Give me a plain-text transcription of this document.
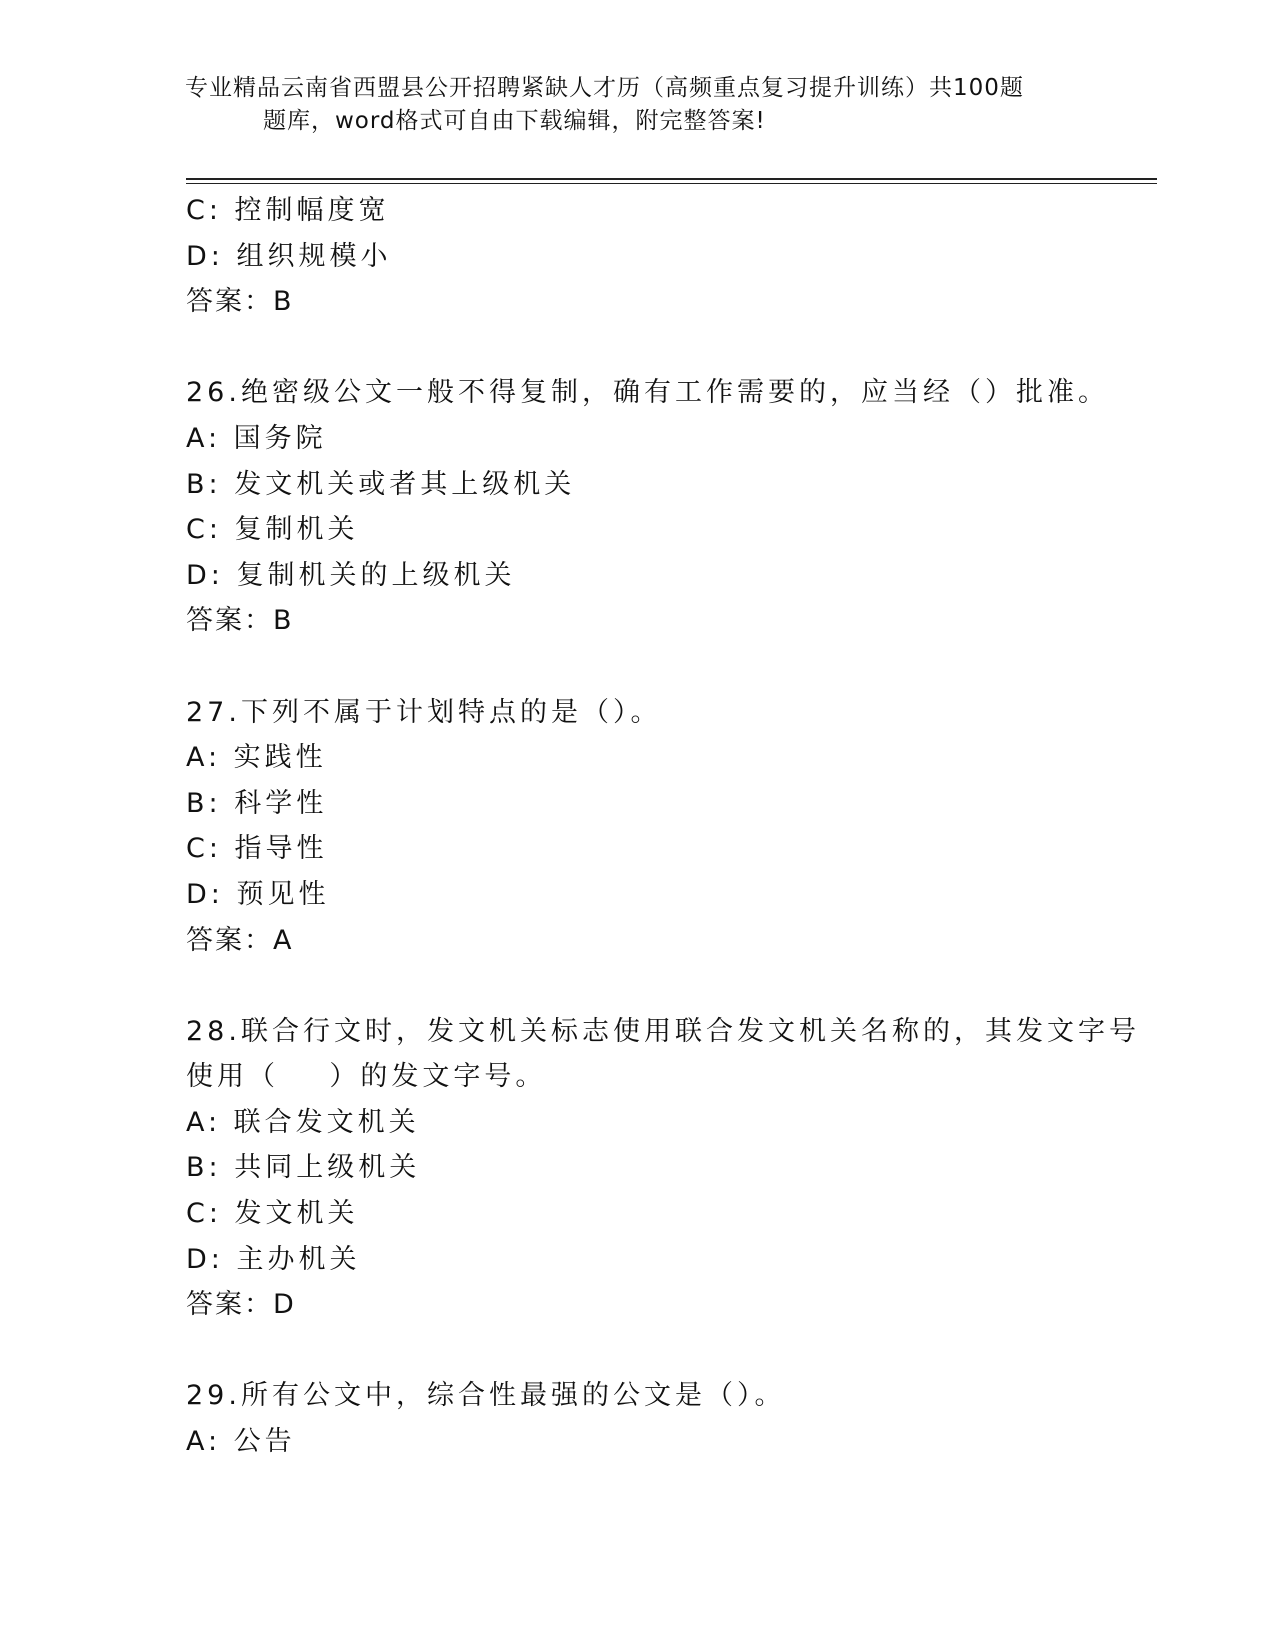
专业精品云南省西盟县公开招聘紧缺人才历（高频重点复习提升训练）共100题
题库，word格式可自由下载编辑，附完整答案!
C: 控制幅度宽
D: 组织规模小
答案：B
26.绝密级公文一般不得复制，确有工作需要的，应当经（）批准。
A: 国务院
B: 发文机关或者其上级机关
C: 复制机关
D: 复制机关的上级机关
答案：B
27.下列不属于计划特点的是（）。
A: 实践性
B: 科学性
C: 指导性
D: 预见性
答案：A
28.联合行文时，发文机关标志使用联合发文机关名称的，其发文字号
使用（    ）的发文字号。
A: 联合发文机关
B: 共同上级机关
C: 发文机关
D: 主办机关
答案：D
29.所有公文中，综合性最强的公文是（）。
A: 公告
